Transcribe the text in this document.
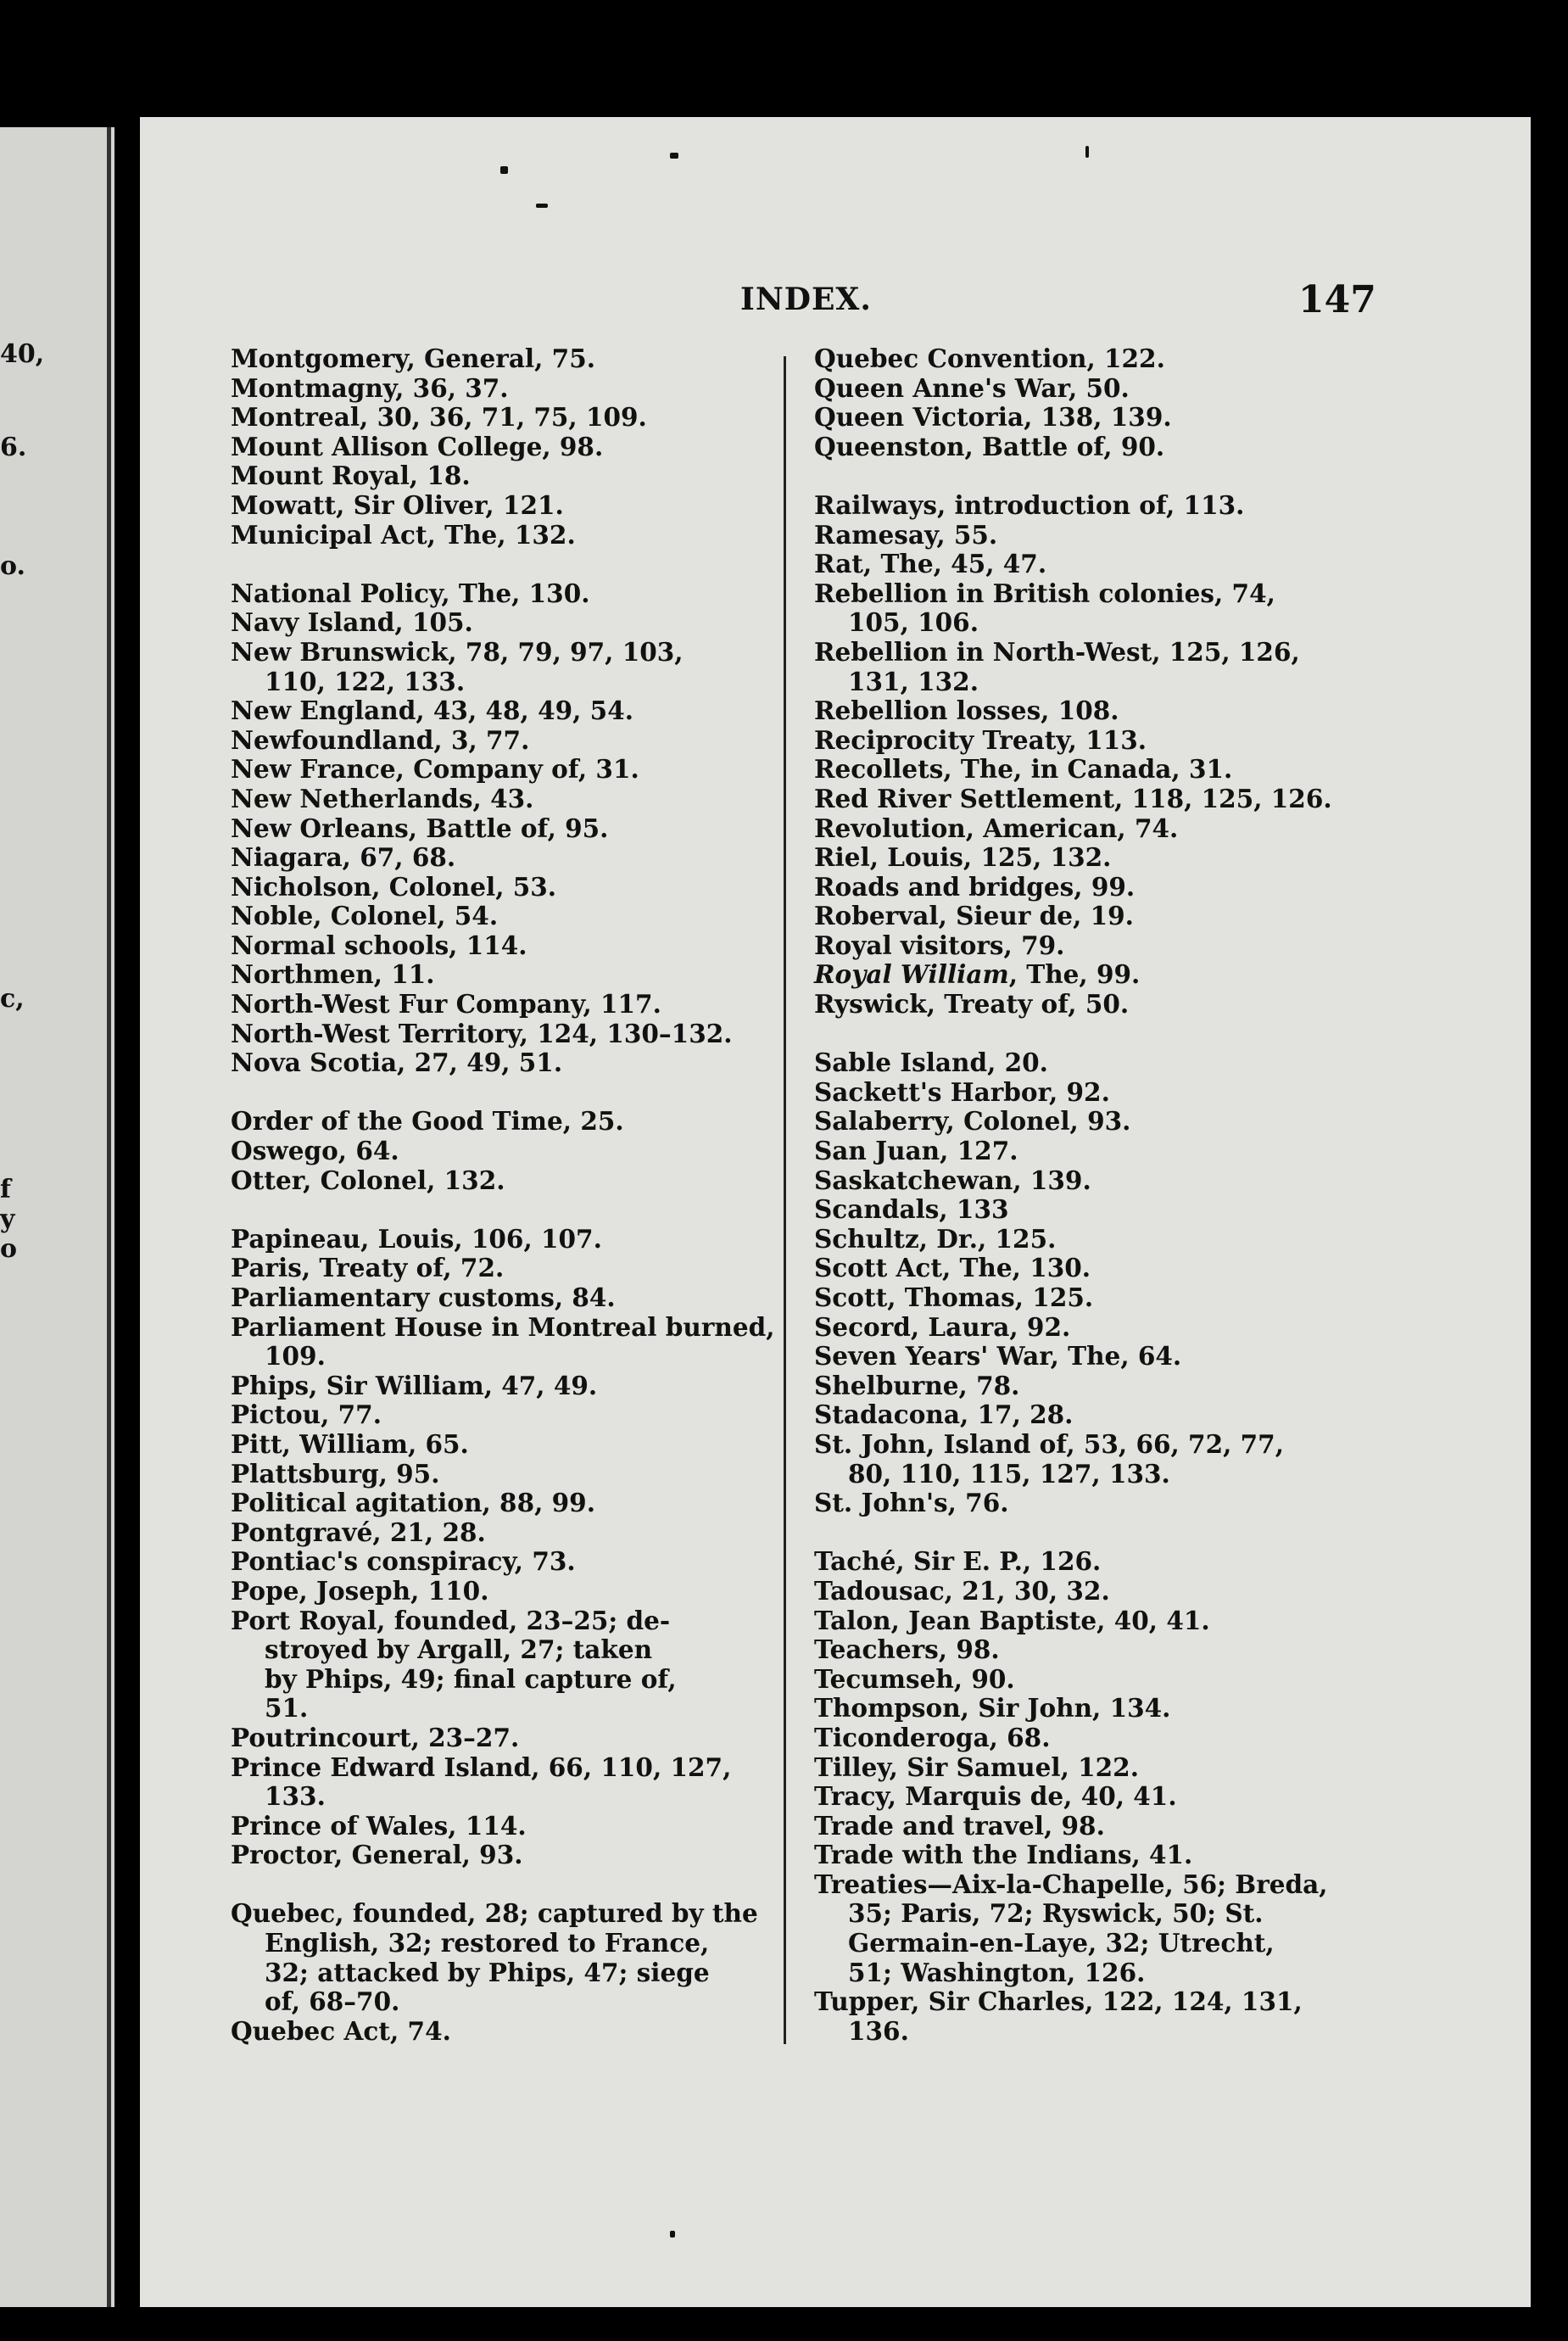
40,
6.
o.
c,
f
y
o
INDEX.	147
Montgomery, General, 75.
Montmagny, 36, 37.
Montreal, 30, 36, 71, 75, 109.
Mount Allison College, 98.
Mount Royal, 18.
Mowatt, Sir Oliver, 121.
Municipal Act, The, 132.
National Policy, The, 130.
Navy Island, 105.
New Brunswick, 78, 79, 97, 103,
110, 122, 133.
New England, 43, 48, 49, 54.
Newfoundland, 3, 77.
New France, Company of, 31.
New Netherlands, 43.
New Orleans, Battle of, 95.
Niagara, 67, 68.
Nicholson, Colonel, 53.
Noble, Colonel, 54.
Normal schools, 114.
Northmen, 11.
North-West Fur Company, 117.
North-West Territory, 124, 130–132.
Nova Scotia, 27, 49, 51.
Order of the Good Time, 25.
Oswego, 64.
Otter, Colonel, 132.
Papineau, Louis, 106, 107.
Paris, Treaty of, 72.
Parliamentary customs, 84.
Parliament House in Montreal burned,
109.
Phips, Sir William, 47, 49.
Pictou, 77.
Pitt, William, 65.
Plattsburg, 95.
Political agitation, 88, 99.
Pontgravé, 21, 28.
Pontiac's conspiracy, 73.
Pope, Joseph, 110.
Port Royal, founded, 23–25; de-
stroyed by Argall, 27; taken
by Phips, 49; final capture of,
51.
Poutrincourt, 23–27.
Prince Edward Island, 66, 110, 127,
133.
Prince of Wales, 114.
Proctor, General, 93.
Quebec, founded, 28; captured by the
English, 32; restored to France,
32; attacked by Phips, 47; siege
of, 68–70.
Quebec Act, 74.
Quebec Convention, 122.
Queen Anne's War, 50.
Queen Victoria, 138, 139.
Queenston, Battle of, 90.
Railways, introduction of, 113.
Ramesay, 55.
Rat, The, 45, 47.
Rebellion in British colonies, 74,
105, 106.
Rebellion in North-West, 125, 126,
131, 132.
Rebellion losses, 108.
Reciprocity Treaty, 113.
Recollets, The, in Canada, 31.
Red River Settlement, 118, 125, 126.
Revolution, American, 74.
Riel, Louis, 125, 132.
Roads and bridges, 99.
Roberval, Sieur de, 19.
Royal visitors, 79.
Royal William, The, 99.
Ryswick, Treaty of, 50.
Sable Island, 20.
Sackett's Harbor, 92.
Salaberry, Colonel, 93.
San Juan, 127.
Saskatchewan, 139.
Scandals, 133
Schultz, Dr., 125.
Scott Act, The, 130.
Scott, Thomas, 125.
Secord, Laura, 92.
Seven Years' War, The, 64.
Shelburne, 78.
Stadacona, 17, 28.
St. John, Island of, 53, 66, 72, 77,
80, 110, 115, 127, 133.
St. John's, 76.
Taché, Sir E. P., 126.
Tadousac, 21, 30, 32.
Talon, Jean Baptiste, 40, 41.
Teachers, 98.
Tecumseh, 90.
Thompson, Sir John, 134.
Ticonderoga, 68.
Tilley, Sir Samuel, 122.
Tracy, Marquis de, 40, 41.
Trade and travel, 98.
Trade with the Indians, 41.
Treaties—Aix-la-Chapelle, 56; Breda,
35; Paris, 72; Ryswick, 50; St.
Germain-en-Laye, 32; Utrecht,
51; Washington, 126.
Tupper, Sir Charles, 122, 124, 131,
136.
